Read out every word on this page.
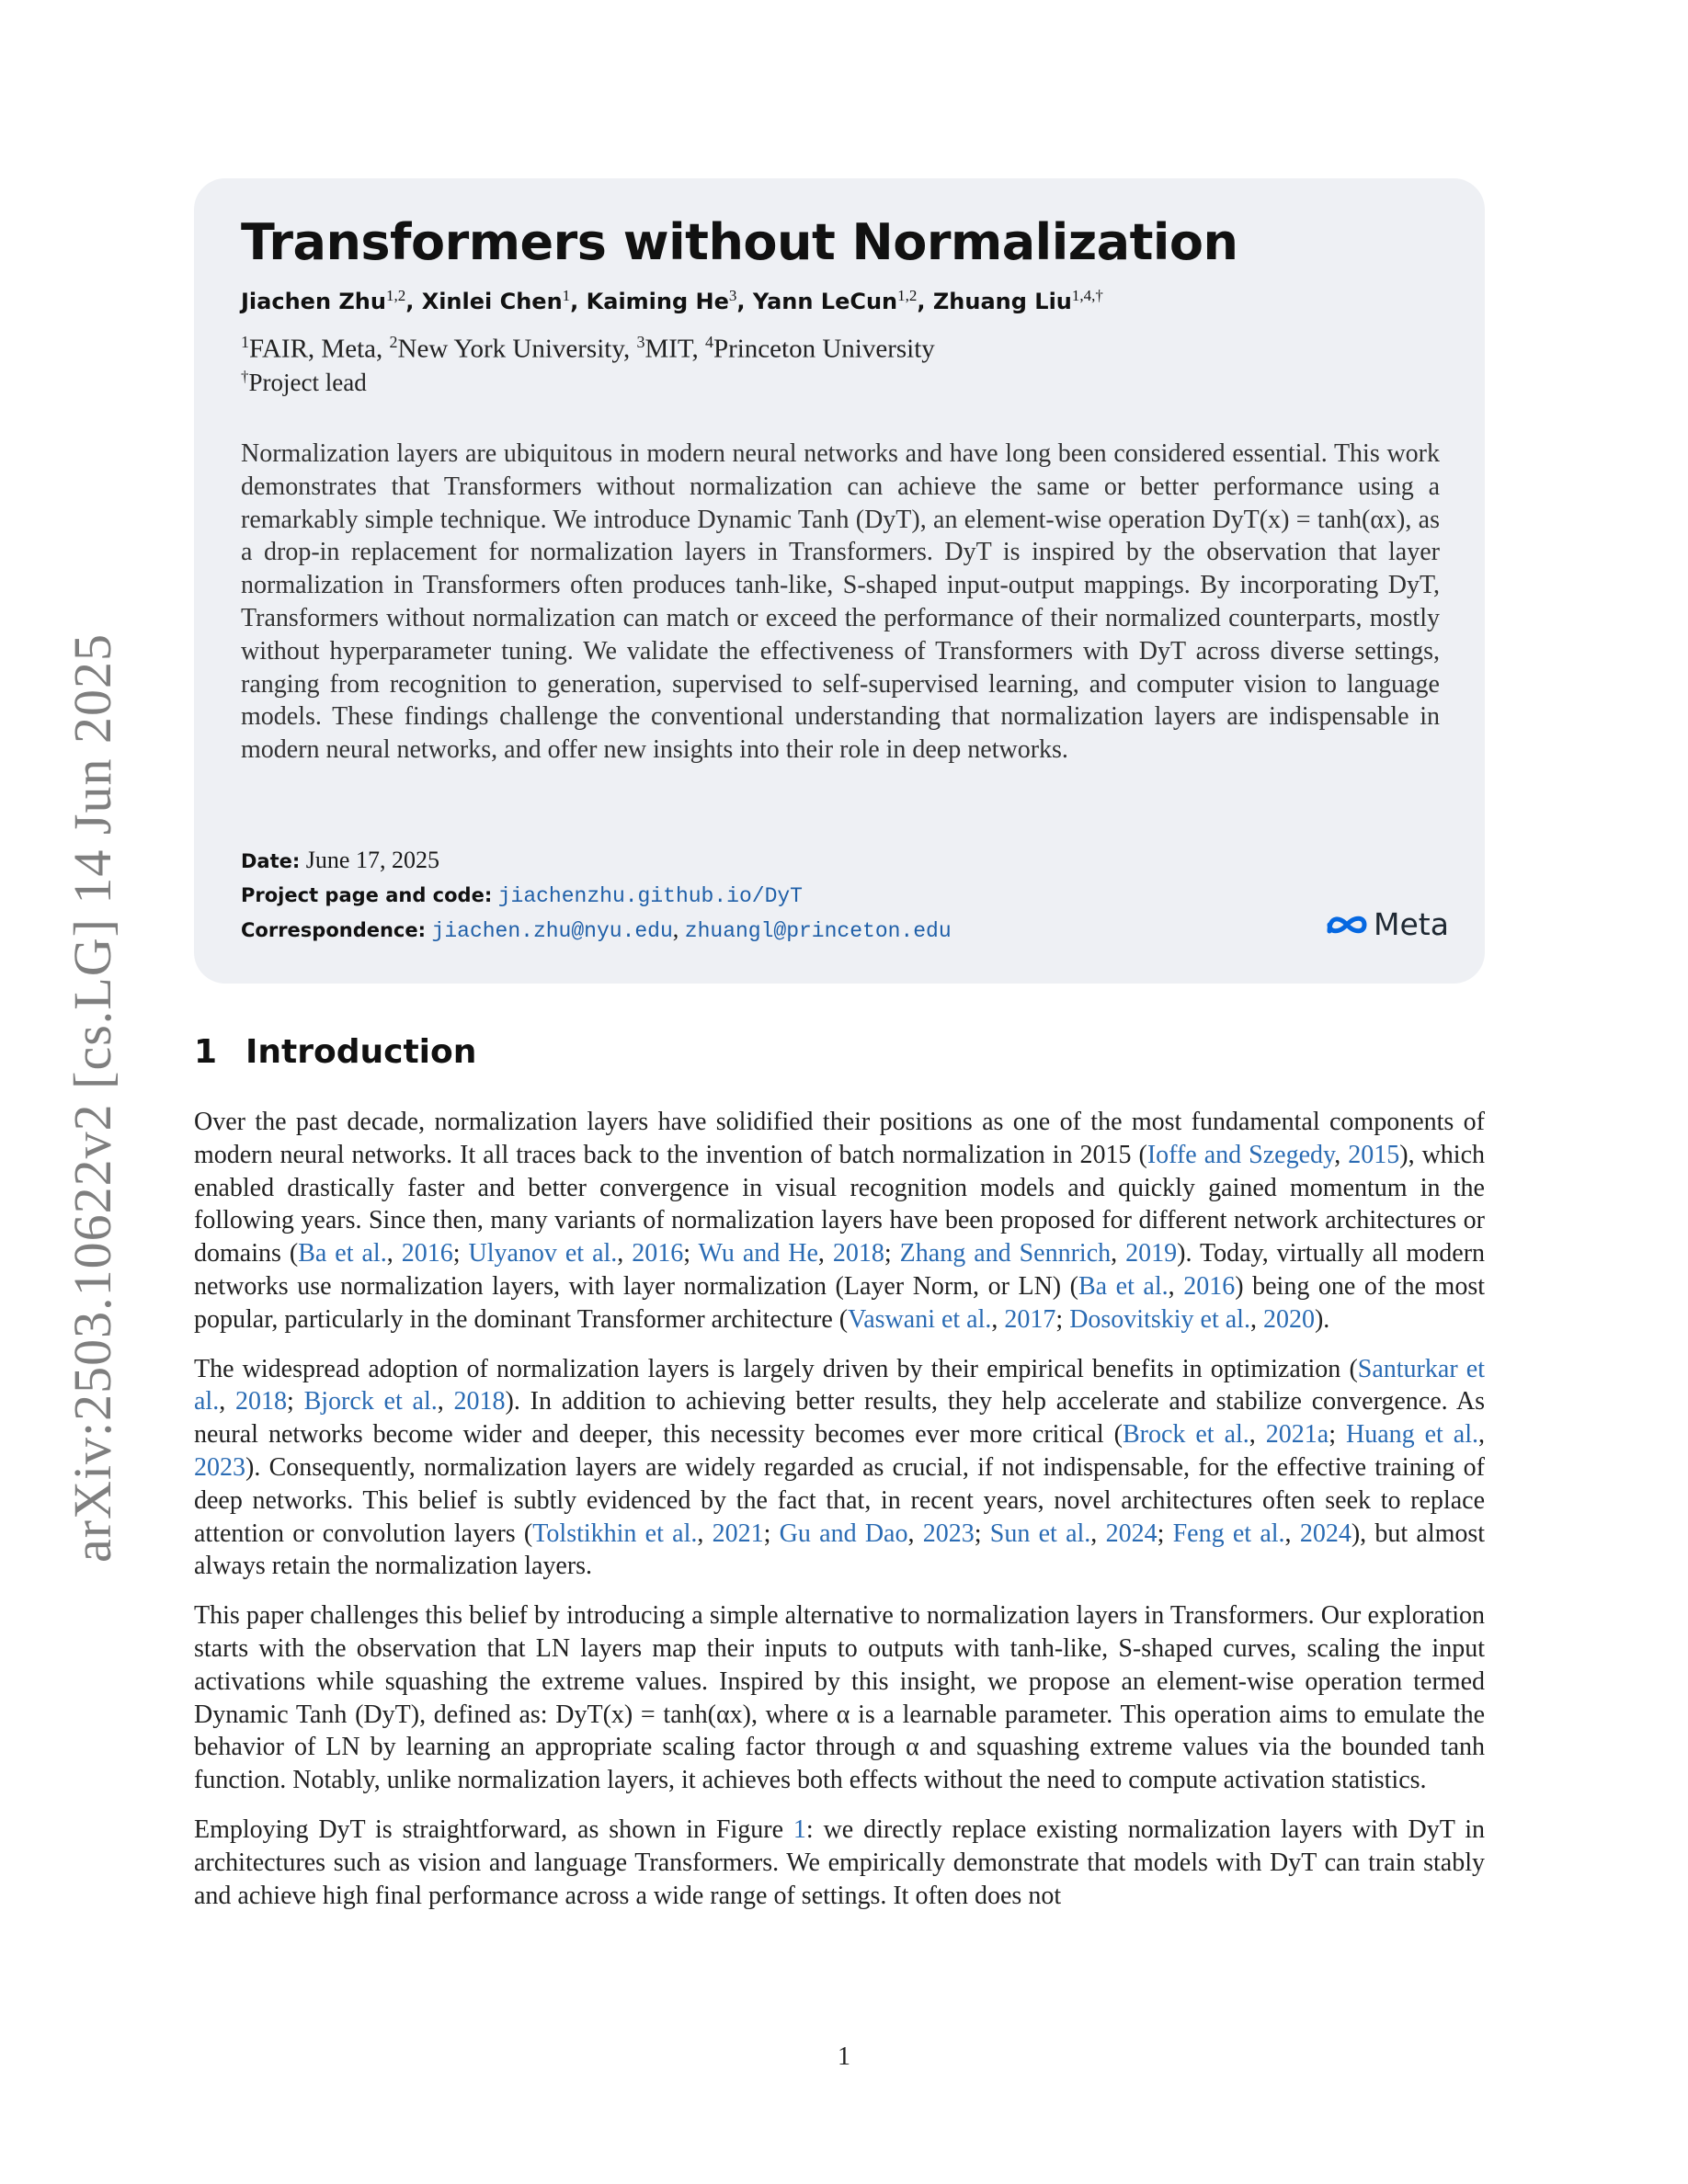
arXiv:2503.10622v2 [cs.LG] 14 Jun 2025
Transformers without Normalization
Jiachen Zhu$^{1,2}$, Xinlei Chen$^1$, Kaiming He$^3$, Yann LeCun$^{1,2}$, Zhuang Liu$^{1,4,\dagger}$
$^1$FAIR, Meta, $^2$New York University, $^3$MIT, $^4$Princeton University
†Project lead

Normalization layers are ubiquitous in modern neural networks and have long been considered essential. This work demonstrates that Transformers without normalization can achieve the same or better performance using a remarkably simple technique. We introduce Dynamic Tanh (DyT), an element-wise operation DyT(x) = tanh(αx), as a drop-in replacement for normalization layers in Transformers. DyT is inspired by the observation that layer normalization in Transformers often produces tanh-like, S-shaped input-output mappings. By incorporating DyT, Transformers without normalization can match or exceed the performance of their normalized counterparts, mostly without hyperparameter tuning. We validate the effectiveness of Transformers with DyT across diverse settings, ranging from recognition to generation, supervised to self-supervised learning, and computer vision to language models. These findings challenge the conventional understanding that normalization layers are indispensable in modern neural networks, and offer new insights into their role in deep networks.

Date: June 17, 2025
Project page and code: jiachenzhu.github.io/DyT
Correspondence: jiachen.zhu@nyu.edu, zhuangl@princeton.edu	Meta
1 Introduction

Over the past decade, normalization layers have solidified their positions as one of the most fundamental components of modern neural networks. It all traces back to the invention of batch normalization in 2015 (Ioffe and Szegedy, 2015), which enabled drastically faster and better convergence in visual recognition models and quickly gained momentum in the following years. Since then, many variants of normalization layers have been proposed for different network architectures or domains (Ba et al., 2016; Ulyanov et al., 2016; Wu and He, 2018; Zhang and Sennrich, 2019). Today, virtually all modern networks use normalization layers, with layer normalization (Layer Norm, or LN) (Ba et al., 2016) being one of the most popular, particularly in the dominant Transformer architecture (Vaswani et al., 2017; Dosovitskiy et al., 2020).

The widespread adoption of normalization layers is largely driven by their empirical benefits in optimization (Santurkar et al., 2018; Bjorck et al., 2018). In addition to achieving better results, they help accelerate and stabilize convergence. As neural networks become wider and deeper, this necessity becomes ever more critical (Brock et al., 2021a; Huang et al., 2023). Consequently, normalization layers are widely regarded as crucial, if not indispensable, for the effective training of deep networks. This belief is subtly evidenced by the fact that, in recent years, novel architectures often seek to replace attention or convolution layers (Tolstikhin et al., 2021; Gu and Dao, 2023; Sun et al., 2024; Feng et al., 2024), but almost always retain the normalization layers.

This paper challenges this belief by introducing a simple alternative to normalization layers in Transformers. Our exploration starts with the observation that LN layers map their inputs to outputs with tanh-like, S-shaped curves, scaling the input activations while squashing the extreme values. Inspired by this insight, we propose an element-wise operation termed Dynamic Tanh (DyT), defined as: DyT(x) = tanh(αx), where α is a learnable parameter. This operation aims to emulate the behavior of LN by learning an appropriate scaling factor through α and squashing extreme values via the bounded tanh function. Notably, unlike normalization layers, it achieves both effects without the need to compute activation statistics.

Employing DyT is straightforward, as shown in Figure 1: we directly replace existing normalization layers with DyT in architectures such as vision and language Transformers. We empirically demonstrate that models with DyT can train stably and achieve high final performance across a wide range of settings. It often does not

1
